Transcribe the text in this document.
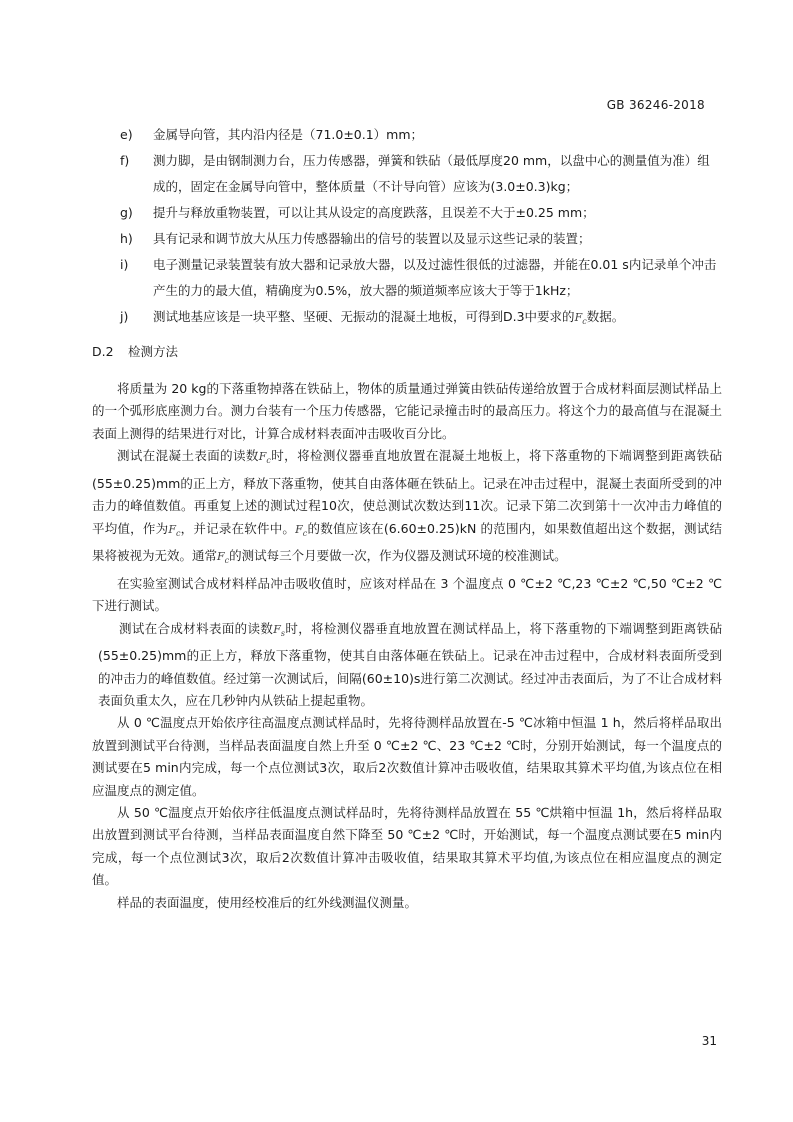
GB 36246-2018
e) 金属导向管，其内沿内径是（71.0±0.1）mm；
f) 测力脚，是由钢制测力台，压力传感器，弹簧和铁砧（最低厚度20 mm，以盘中心的测量值为准）组成的，固定在金属导向管中，整体质量（不计导向管）应该为(3.0±0.3)kg；
g) 提升与释放重物装置，可以让其从设定的高度跌落，且误差不大于±0.25 mm；
h) 具有记录和调节放大从压力传感器输出的信号的装置以及显示这些记录的装置；
i) 电子测量记录装置装有放大器和记录放大器，以及过滤性很低的过滤器，并能在0.01 s内记录单个冲击产生的力的最大值，精确度为0.5%，放大器的频道频率应该大于等于1kHz；
j) 测试地基应该是一块平整、坚硬、无振动的混凝土地板，可得到D.3中要求的$F_c$数据。
D.2 检测方法

将质量为 20 kg的下落重物掉落在铁砧上，物体的质量通过弹簧由铁砧传递给放置于合成材料面层测试样品上的一个弧形底座测力台。测力台装有一个压力传感器，它能记录撞击时的最高压力。将这个力的最高值与在混凝土表面上测得的结果进行对比，计算合成材料表面冲击吸收百分比。

测试在混凝土表面的读数$F_c$时，将检测仪器垂直地放置在混凝土地板上，将下落重物的下端调整到距离铁砧(55±0.25)mm的正上方，释放下落重物，使其自由落体砸在铁砧上。记录在冲击过程中，混凝土表面所受到的冲击力的峰值数值。再重复上述的测试过程10次，使总测试次数达到11次。记录下第二次到第十一次冲击力峰值的平均值，作为$F_c$，并记录在软件中。$F_c$的数值应该在(6.60±0.25)kN 的范围内，如果数值超出这个数据，测试结果将被视为无效。通常$F_c$的测试每三个月要做一次，作为仪器及测试环境的校准测试。

在实验室测试合成材料样品冲击吸收值时，应该对样品在 3 个温度点 0 ℃±2 ℃,23 ℃±2 ℃,50 ℃±2 ℃下进行测试。

测试在合成材料表面的读数$F_s$时，将检测仪器垂直地放置在测试样品上，将下落重物的下端调整到距离铁砧(55±0.25)mm的正上方，释放下落重物，使其自由落体砸在铁砧上。记录在冲击过程中，合成材料表面所受到的冲击力的峰值数值。经过第一次测试后，间隔(60±10)s进行第二次测试。经过冲击表面后，为了不让合成材料表面负重太久，应在几秒钟内从铁砧上提起重物。

从 0 ℃温度点开始依序往高温度点测试样品时，先将待测样品放置在-5 ℃冰箱中恒温 1 h，然后将样品取出放置到测试平台待测，当样品表面温度自然上升至 0 ℃±2 ℃、23 ℃±2 ℃时，分别开始测试，每一个温度点的测试要在5 min内完成，每一个点位测试3次，取后2次数值计算冲击吸收值，结果取其算术平均值,为该点位在相应温度点的测定值。

从 50 ℃温度点开始依序往低温度点测试样品时，先将待测样品放置在 55 ℃烘箱中恒温 1h，然后将样品取出放置到测试平台待测，当样品表面温度自然下降至 50 ℃±2 ℃时，开始测试，每一个温度点测试要在5 min内完成，每一个点位测试3次，取后2次数值计算冲击吸收值，结果取其算术平均值,为该点位在相应温度点的测定值。

样品的表面温度，使用经校准后的红外线测温仪测量。

31
